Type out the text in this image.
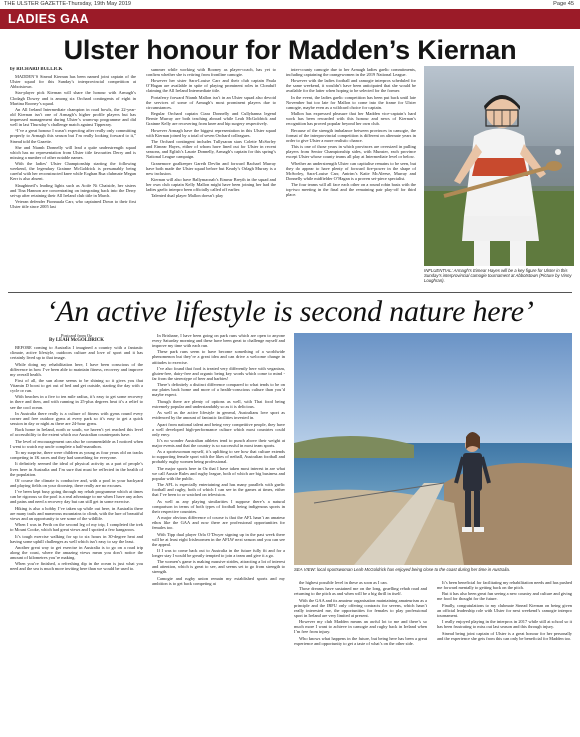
THE ULSTER GAZETTE-Thursday, 19th May 2019	Page 45
LADIES GAA
Ulster honour for Madden’s Kiernan
by RICHARD BULLICK

MADDEN’S Sinead Kiernan has been named joint captain of the Ulster squad for this Sunday’s interprovincial competition at Abbotstown.

Star-player pick Kiernan will share the honour with Armagh’s Clodagh Dowey and is among six Orchard contingents of eight in Martina Rooney’s squad.

An All Ireland Intermediate champion in road bowls, the 22-year-old Kiernan isn’t one of Armagh’s higher profile players but has impressed management during Ulster’s warm-up programme and did well in last Thursday’s challenge match against Tipperary.

“I’ve a great honour I wasn’t expecting after really only committing properly to Armagh this season but I’m really looking forward to it,” Sinead told the Gazette.

She and Niamh Donnelly will lead a quite understrength squad which has no representation from Ulster title favourites Derry and is missing a number of other notable names.

With the ladies’ Ulster Championship starting the following weekend, the legendary Grainne McGoldrick is presumably being careful with her reconstructed knee while Eoghan Rua clubmate Megan Kerr is also absent.

Slaughtneil’s leading lights such as Aoife Ni Chaiside, her sisters and Tina Hannon are concentrating on integrating back into the Derry set-up after retaining their All Ireland club title in March.

Veteran defender Fionnuala Carr, who captained Down to their first Ulster title since 2005 last

summer while working with Rooney as player-coach, has yet to confirm whether she is retiring from frontline camogie.

However her sister Sara-Louise Carr and their club captain Paula O’Hagan are available in spite of playing prominent roles in Clonduff claiming the All Ireland Intermediate title.

Portaferry forward Niamh Mallon isn’t in an Ulster squad also devoid the services of some of Armagh’s most prominent players due to circumstances.

Regular Orchard captain Ciara Donnelly and Cullyhanna legend Bernie Murray are both teaching abroad while Leah McGoldrick and Grainne Kelly are recovering from knee and hip surgery respectively.

However Armagh have the biggest representation in this Ulster squad with Kiernan joined by a total of seven Orchard colleagues.

The Orchard contingent includes Tullysaran stars Colette McSorley and Eimear Hayes, either of whom have lined out for Ulster in recent seasons, and Eglish’s Laurie Donnelly, Armagh’s captain for this spring’s National League campaign.

Granemore goalkeeper Gareth Devlin and forward Rachael Murray have both made the Ulster squad before but Keady’s Orlagh Murray is a new inclusion.

Kiernan will also have Ballymacnab’s Eimear Breyth in the squad and her own club captain Kelly Mallon might have been joining her had the ladies gaelic interpro been officially called off earlier.

Talented dual player Mallon doesn’t play

inter-county camogie due to her Armagh ladies gaelic commitments, including captaining the orangewomen in the 2019 National League.

However with the ladies football and camogie interpros scheduled for the same weekend, it wouldn’t have been anticipated that she would be available for the latter when hoping to be selected for the former.

In the event, the ladies gaelic competition has been put back until late November but too late for Mallon to come into the frame for Ulster camogie, maybe even as a wildcard choice for captain.

Mallon has expressed pleasure that her Madden vice-captain’s hard work has been rewarded with this honour and news of Kiernan’s recognition has proved popular beyond her own club.

Because of the strength imbalance between provinces in camogie, the format of the interprovincial competition is different on alternate years in order to give Ulster a more realistic chance.

This is one of those years in which provinces are oversized in pulling players from Senior Championship sides, with Munster, each province except Ulster whose county teams all play at Intermediate level or below.

Whether an understrength Ulster can capitalise remains to be seen, but they do appear to have plenty of forward fire-power in the shape of McSorley, Sara-Louise Carr, Antrim’s Katie McAleese, Murray and Donnelly while midfielder O’Hagan is a proven set-piece specialist.

The four teams will all face each other on a round robin basis with the top-two meeting in the final and the remaining pair play-off for third place.

INFLUENTIAL: Armagh’s Eimear Hayes will be a key figure for Ulster in this Sunday’s interprovincial camogie tournament at Abbotstown (Picture by Vinny Loughran).
‘An active lifestyle is second nature here’
Postcard from Oz
By LEAH McGOLDRICK

BEFORE coming to Australia I imagined a country with a fantastic climate, active lifestyle, outdoors culture and love of sport and it has certainly lived up to that image.

While doing my rehabilitation here, I have been conscious of the difference in how I’ve been able to maintain fitness, recovery and improve my overall health.

First of all, the sun alone seems to be shining so it gives you that Vitamin D boost to get out of bed and get outside, starting the day with a cycle or run.

With beaches in a five to ten mile radius, it’s easy to get some recovery in there and then, and with running in 25-plus degrees heat it’s a relief to see the cool ocean.

In Australia there really is a culture of fitness with gyms round every corner and free outdoor gyms at every park so it’s easy to get a quick session in day or night as there are 24-hour gyms.

Back home in Ireland, north or south, we haven’t yet reached this level of accessibility to the extent which our Australian counterparts have.

The level of encouragement can also be commendable as I noticed when I went to watch my uncle complete a half-marathon.

To my surprise, there were children as young as four years old on tracks competing in 1K races and they had something for everyone.

It definitely seemed the ideal of physical activity as a part of people’s lives here in Australia and I’m sure that must be reflected in the health of the population.

Of course the climate is conducive and, with a pool in your backyard and playing fields on your doorstep, there really are no excuses.

I’ve been kept busy going through my rehab programme which at times can be rigorous so the pool is a real advantage to me when I have any aches and pains and need a recovery day but can still get in some exercise.

Hiking is also a hobby I’ve taken up while out here, in Australia there are many trails and numerous mountains to climb, with the lure of beautiful views and an opportunity to see some of the wildlife.

When I was in Perth on the second leg of my trip, I completed the trek to Mount Cooke, which had great views and I spotted a few kangaroos.

It’s tough exercise walking for up to six hours in 30-degree heat and having some uphill challenges as well which isn’t easy to say the least.

Another great way to get exercise in Australia is to go on a road trip along the coast, where the amazing views mean you don’t notice the amount of kilometres you’re making.

When you’re finished, a refreshing dip in the ocean is just what you need and the sea is much more inviting here than we would be used to.

In Brisbane, I have been going on park runs which are open to anyone every Saturday morning and these have been great to challenge myself and improve my time with each run.

These park runs seem to have become something of a worldwide phenomenon but they’re a great idea and can drive a welcome change in attitudes to exercise.

I’ve also found that food is treated very differently here with veganism, gluten-free, dairy-free and organic being key words which come to mind - far from the stereotype of beer and barbies!

There’s definitely a distinct difference compared to what tends to be on our plates back home and more of a health-conscious culture than you’d maybe expect.

Though there are plenty of options as well, with Thai food being extremely popular and understandably so as it is delicious.

As well as the active lifestyle in general, Australians love sport as evidenced by the amount of fantastic facilities invested in.

Apart from national talent and being very competitive people, they have a well developed high-performance culture which most countries could only envy.

It’s no wonder Australian athletes tend to punch above their weight at major events and that the country is so successful in most team sports.

As a sportswoman myself, it’s uplifting to see how that culture extends to supporting female sport with the likes of netball, Australian football and probably rugby women being professional.

The major sports here in Oz that I have taken most interest in are what we call Aussie Rules and rugby league, both of which are big business and popular with the public.

The AFL is especially entertaining and has many parallels with gaelic football and rugby, both of which I can see in the games at times, either that I’ve been to or watched on television.

As well as any playing similarities I suppose there’s a natural comparison in terms of both types of football being indigenous sports in their respective countries.

A major obvious difference of course is that the AFL hasn’t an amateur ethos like the GAA and now there are professional opportunities for females too.

With Tipp dual player Orla O’Dwyer signing up in the past week there will be at least eight Irishwomen in the AFLW next season and you can see the appeal.

If I was to come back out to Australia in the future fully fit and for a longer stay I would be greatly tempted to join a team and give it a go.

The women’s game is making massive strides, attracting a lot of interest and attention, which is great to see, and seems set to go from strength to strength.

Camogie and rugby union remain my established sports and my ambition is to get back competing at

SEA VIEW: local sportswoman Leah McGoldrick has enjoyed being close to the coast during her time in Australia.

the highest possible level in these as soon as I can.

Those dreams have sustained me on the long, gruelling rehab road and returning to the pitch as and when will be a big thrill in itself.

With the GAA and its amateur organisation maintaining amateurism as a principle and the IRFU only offering contracts for sevens, which hasn’t really interested me, the opportunities for females to play professional sport in Ireland are very limited at present.

However my club Madden means an awful lot to me and there’s so much more I want to achieve in camogie and rugby back in Ireland when I’m free from injury.

Who knows what happens in the future, but being here has been a great experience and opportunity to get a taste of what’s on the other side.

It’s been beneficial for facilitating my rehabilitation needs and has pushed me forward mentally to getting back on the pitch.

But it has also been great fun seeing a new country and culture and giving me food for thought for the future.

Finally, congratulations to my clubmate Sinead Kiernan on being given an official leadership role with Ulster for next weekend’s camogie interpro tournament.

I really enjoyed playing in the interpros in 2017 while still at school so it has been frustrating to miss out last season and this through injury.

Sinead being joint captain of Ulster is a great honour for her personally and the experience she gets from this can only be beneficial for Madden too.
